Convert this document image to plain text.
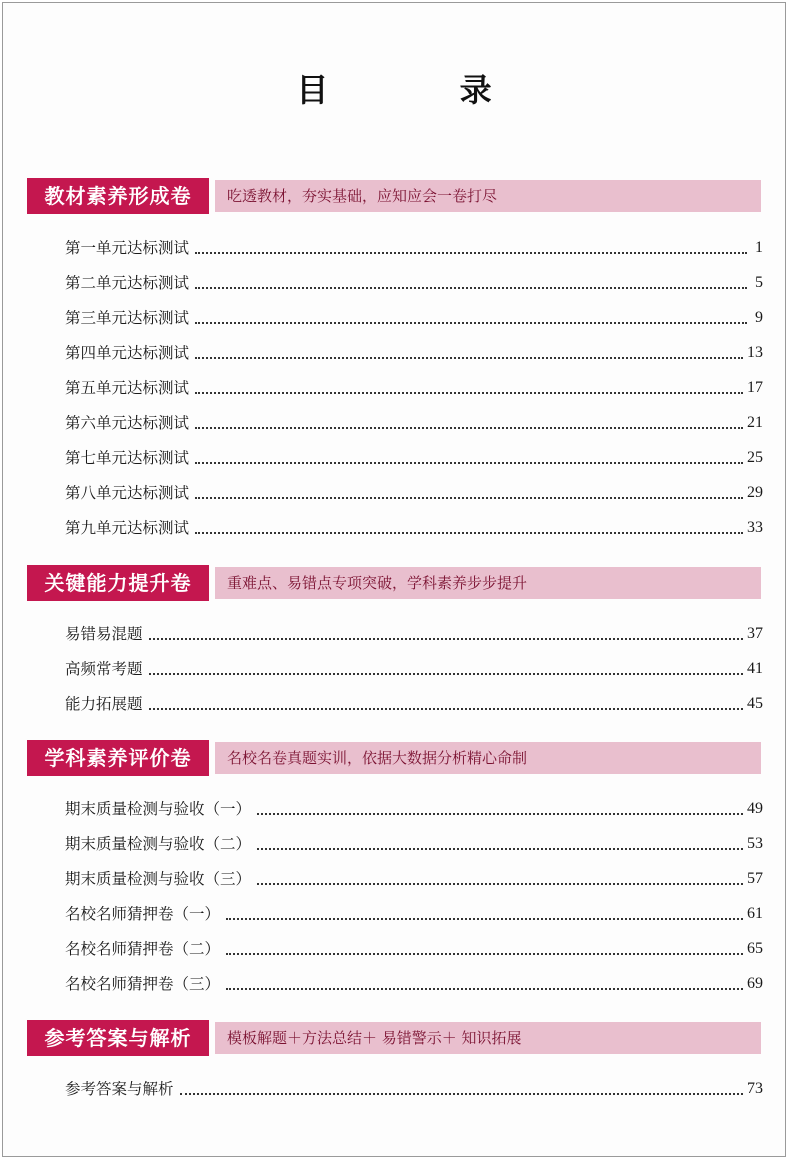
目 录
教材素养形成卷	吃透教材，夯实基础，应知应会一卷打尽
第一单元达标测试	1
第二单元达标测试	5
第三单元达标测试	9
第四单元达标测试	13
第五单元达标测试	17
第六单元达标测试	21
第七单元达标测试	25
第八单元达标测试	29
第九单元达标测试	33
关键能力提升卷	重难点、易错点专项突破，学科素养步步提升
易错易混题	37
高频常考题	41
能力拓展题	45
学科素养评价卷	名校名卷真题实训，依据大数据分析精心命制
期末质量检测与验收（一）	49
期末质量检测与验收（二）	53
期末质量检测与验收（三）	57
名校名师猜押卷（一）	61
名校名师猜押卷（二）	65
名校名师猜押卷（三）	69
参考答案与解析	模板解题＋方法总结＋ 易错警示＋ 知识拓展
参考答案与解析	73
